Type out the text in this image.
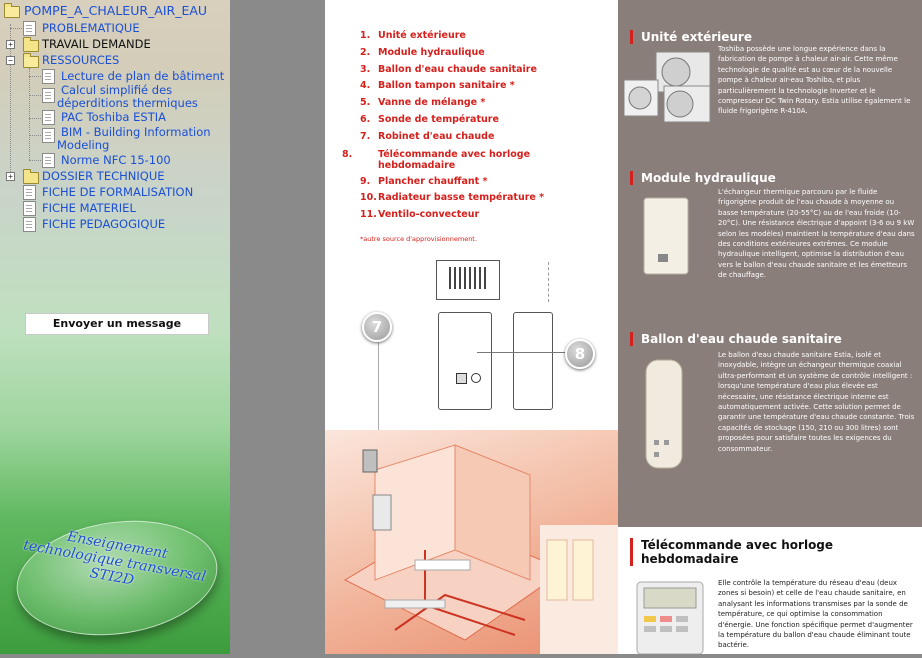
POMPE_A_CHALEUR_AIR_EAU
PROBLEMATIQUE
+	TRAVAIL DEMANDE
−	RESSOURCES
Lecture de plan de bâtiment
Calcul simplifié des déperditions thermiques
PAC Toshiba ESTIA
BIM - Building Information Modeling
Norme NFC 15-100
+	DOSSIER TECHNIQUE
FICHE DE FORMALISATION
FICHE MATERIEL
FICHE PEDAGOGIQUE
Envoyer un message
Enseignement technologique transversal STI2D
1. Unité extérieure
2. Module hydraulique
3. Ballon d'eau chaude sanitaire
4. Ballon tampon sanitaire *
5. Vanne de mélange *
6. Sonde de température
7. Robinet d'eau chaude
8.	Télécommande avec horloge hebdomadaire
9. Plancher chauffant *
10.Radiateur basse température *
11.Ventilo-convecteur
*autre source d'approvisionnement.
7
8
Unité extérieure
Toshiba possède une longue expérience dans la fabrication de pompe à chaleur air-air. Cette même technologie de qualité est au cœur de la nouvelle pompe à chaleur air-eau Toshiba, et plus particulièrement la technologie Inverter et le compresseur DC Twin Rotary. Estia utilise également le fluide frigorigène R-410A.
Module hydraulique
L'échangeur thermique parcouru par le fluide frigorigène produit de l'eau chaude à moyenne ou basse température (20-55°C) ou de l'eau froide (10-20°C). Une résistance électrique d'appoint (3-6 ou 9 kW selon les modèles) maintient la température d'eau dans des conditions extérieures extrêmes. Ce module hydraulique intelligent, optimise la distribution d'eau vers le ballon d'eau chaude sanitaire et les émetteurs de chauffage.
Ballon d'eau chaude sanitaire
Le ballon d'eau chaude sanitaire Estia, isolé et inoxydable, intègre un échangeur thermique coaxial ultra-performant et un système de contrôle intelligent : lorsqu'une température d'eau plus élevée est nécessaire, une résistance électrique interne est automatiquement activée. Cette solution permet de garantir une température d'eau chaude constante. Trois capacités de stockage (150, 210 ou 300 litres) sont proposées pour satisfaire toutes les exigences du consommateur.
Télécommande avec horloge hebdomadaire
Elle contrôle la température du réseau d'eau (deux zones si besoin) et celle de l'eau chaude sanitaire, en analysant les informations transmises par la sonde de température, ce qui optimise la consommation d'énergie. Une fonction spécifique permet d'augmenter la température du ballon d'eau chaude éliminant toute bactérie.
